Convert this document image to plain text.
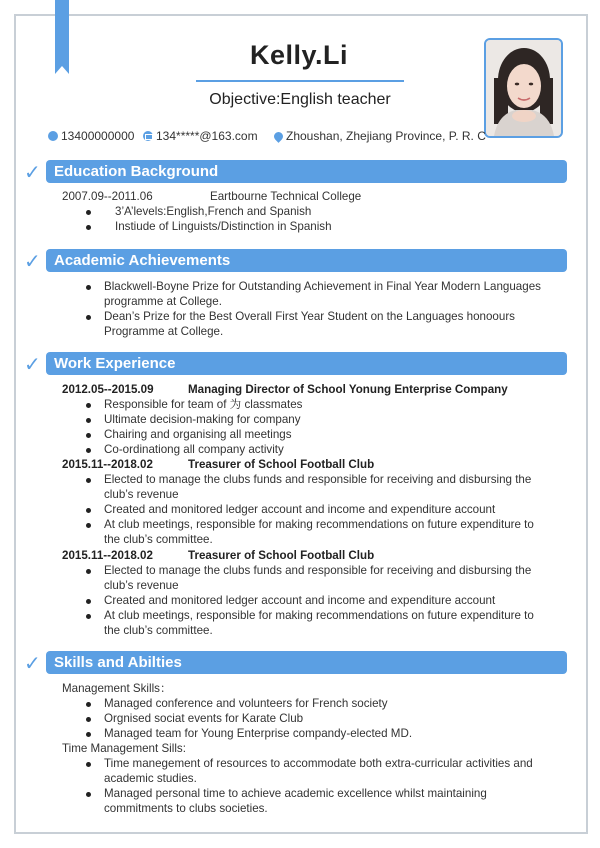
Kelly.Li
Objective:English teacher
13400000000 134*****@163.com Zhoushan, Zhejiang Province, P. R. C
✓ Education Background
2007.09--2011.06	Eartbourne Technical College
3’A’levels:English,French and Spanish
Instiude of Linguists/Distinction in Spanish
✓ Academic Achievements
Blackwell-Boyne Prize for Outstanding Achievement in Final Year Modern Languages
programme at College.
Dean’s Prize for the Best Overall First Year Student on the Languages honoours
Programme at College.
✓ Work Experience
2012.05--2015.09	Managing Director of School Yonung Enterprise Company
Responsible for team of 为 classmates
Ultimate decision-making for company
Chairing and organising all meetings
Co-ordinationg all company activity
2015.11--2018.02	Treasurer of School Football Club
Elected to manage the clubs funds and responsible for receiving and disbursing the
club’s revenue
Created and monitored ledger account and income and expenditure account
At club meetings, responsible for making recommendations on future expenditure to
the club’s committee.
2015.11--2018.02	Treasurer of School Football Club
Elected to manage the clubs funds and responsible for receiving and disbursing the
club’s revenue
Created and monitored ledger account and income and expenditure account
At club meetings, responsible for making recommendations on future expenditure to
the club’s committee.
✓ Skills and Abilties
Management Skills：
Managed conference and volunteers for French society
Orgnised sociat events for Karate Club
Managed team for Young Enterprise compandy-elected MD.
Time Management Sills:
Time manegement of resources to accommodate both extra-curricular activities and
academic studies.
Managed personal time to achieve academic excellence whilst maintaining
commitments to clubs societies.
